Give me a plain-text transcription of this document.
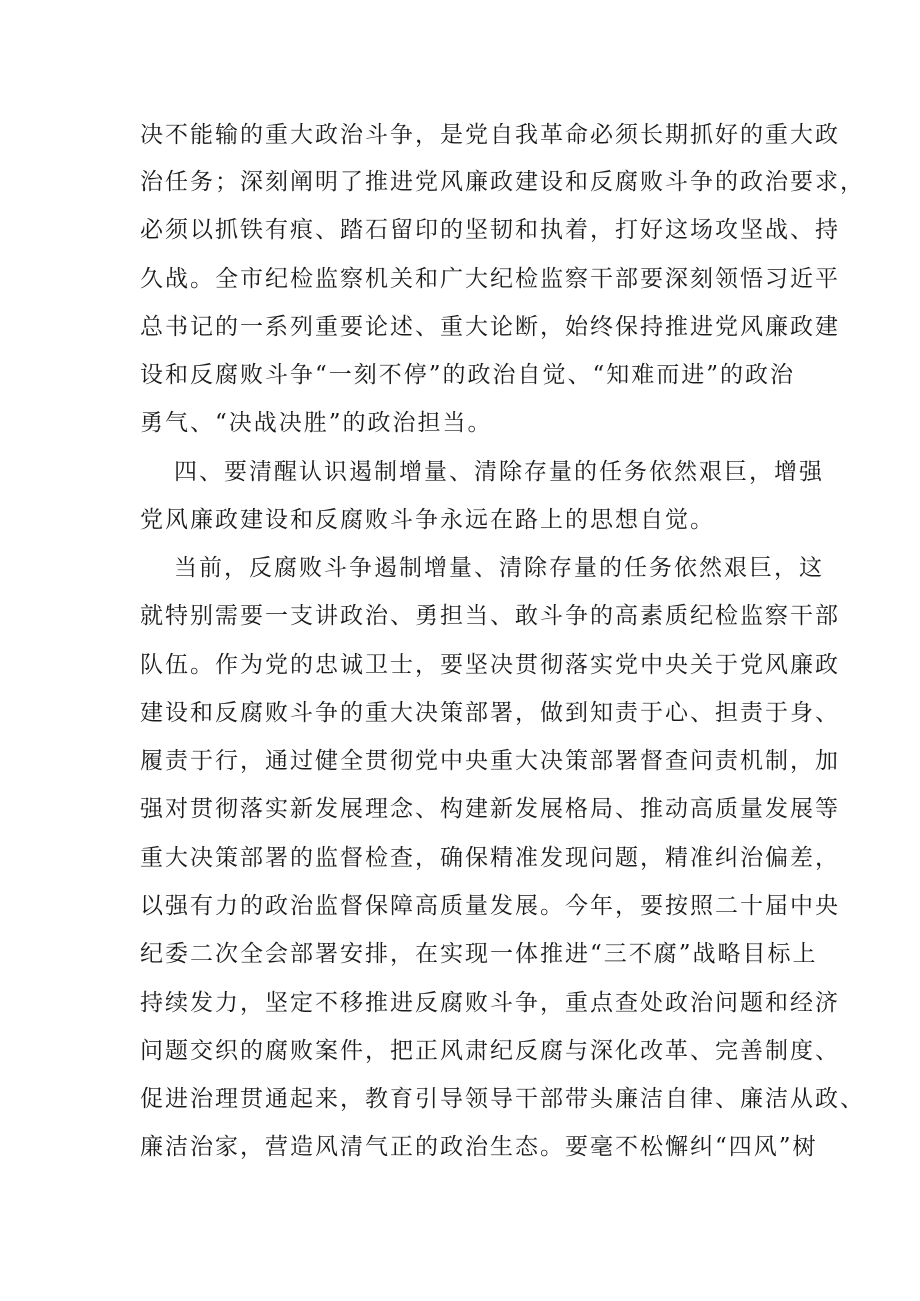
决不能输的重大政治斗争，是党自我革命必须长期抓好的重大政
治任务；深刻阐明了推进党风廉政建设和反腐败斗争的政治要求，
必须以抓铁有痕、踏石留印的坚韧和执着，打好这场攻坚战、持
久战。全市纪检监察机关和广大纪检监察干部要深刻领悟习近平
总书记的一系列重要论述、重大论断，始终保持推进党风廉政建
设和反腐败斗争“一刻不停”的政治自觉、“知难而进”的政治
勇气、“决战决胜”的政治担当。
四、要清醒认识遏制增量、清除存量的任务依然艰巨，增强
党风廉政建设和反腐败斗争永远在路上的思想自觉。
当前，反腐败斗争遏制增量、清除存量的任务依然艰巨，这
就特别需要一支讲政治、勇担当、敢斗争的高素质纪检监察干部
队伍。作为党的忠诚卫士，要坚决贯彻落实党中央关于党风廉政
建设和反腐败斗争的重大决策部署，做到知责于心、担责于身、
履责于行，通过健全贯彻党中央重大决策部署督查问责机制，加
强对贯彻落实新发展理念、构建新发展格局、推动高质量发展等
重大决策部署的监督检查，确保精准发现问题，精准纠治偏差，
以强有力的政治监督保障高质量发展。今年，要按照二十届中央
纪委二次全会部署安排，在实现一体推进“三不腐”战略目标上
持续发力，坚定不移推进反腐败斗争，重点查处政治问题和经济
问题交织的腐败案件，把正风肃纪反腐与深化改革、完善制度、
促进治理贯通起来，教育引导领导干部带头廉洁自律、廉洁从政、
廉洁治家，营造风清气正的政治生态。要毫不松懈纠“四风”树
